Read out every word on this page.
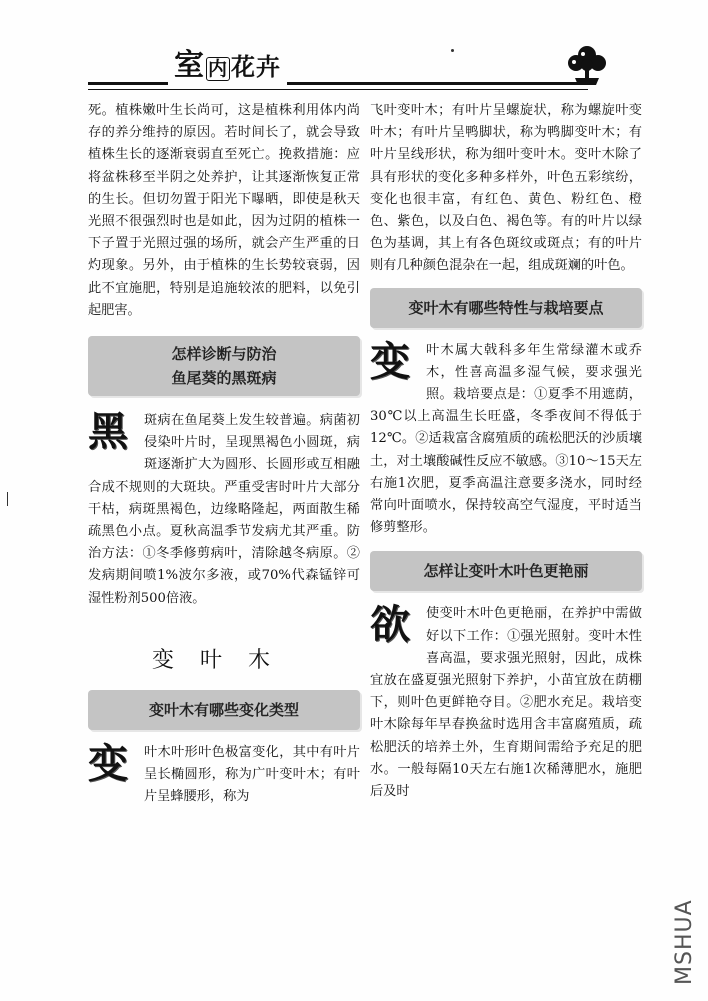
室内 花卉

死。植株嫩叶生长尚可，这是植株利用体内尚存的养分维持的原因。若时间长了，就会导致植株生长的逐渐衰弱直至死亡。挽救措施：应将盆株移至半阴之处养护，让其逐渐恢复正常的生长。但切勿置于阳光下曝晒，即使是秋天光照不很强烈时也是如此，因为过阴的植株一下子置于光照过强的场所，就会产生严重的日灼现象。另外，由于植株的生长势较衰弱，因此不宜施肥，特别是追施较浓的肥料，以免引起肥害。

怎样诊断与防治
鱼尾葵的黑斑病
黑	斑病在鱼尾葵上发生较普遍。病菌初侵染叶片时，呈现黑褐色小圆斑，病斑逐渐扩大为圆形、长圆形或互相融合成不规则的大斑块。严重受害时叶片大部分干枯，病斑黑褐色，边缘略隆起，两面散生稀疏黑色小点。夏秋高温季节发病尤其严重。防治方法：①冬季修剪病叶，清除越冬病原。②发病期间喷1%波尔多液，或70%代森锰锌可湿性粉剂500倍液。

变叶木
变叶木有哪些变化类型
变	叶木叶形叶色极富变化，其中有叶片呈长椭圆形，称为广叶变叶木；有叶片呈蜂腰形，称为

飞叶变叶木；有叶片呈螺旋状，称为螺旋叶变叶木；有叶片呈鸭脚状，称为鸭脚变叶木；有叶片呈线形状，称为细叶变叶木。变叶木除了具有形状的变化多种多样外，叶色五彩缤纷，变化也很丰富，有红色、黄色、粉红色、橙色、紫色，以及白色、褐色等。有的叶片以绿色为基调，其上有各色斑纹或斑点；有的叶片则有几种颜色混杂在一起，组成斑斓的叶色。

变叶木有哪些特性与栽培要点
变	叶木属大戟科多年生常绿灌木或乔木，性喜高温多湿气候，要求强光照。栽培要点是：①夏季不用遮荫，30℃以上高温生长旺盛，冬季夜间不得低于12℃。②适栽富含腐殖质的疏松肥沃的沙质壤土，对土壤酸碱性反应不敏感。③10～15天左右施1次肥，夏季高温注意要多浇水，同时经常向叶面喷水，保持较高空气湿度，平时适当修剪整形。

怎样让变叶木叶色更艳丽
欲	使变叶木叶色更艳丽，在养护中需做好以下工作：①强光照射。变叶木性喜高温，要求强光照射，因此，成株宜放在盛夏强光照射下养护，小苗宜放在荫棚下，则叶色更鲜艳夺目。②肥水充足。栽培变叶木除每年早春换盆时选用含丰富腐殖质，疏松肥沃的培养土外，生育期间需给予充足的肥水。一般每隔10天左右施1次稀薄肥水，施肥后及时

MSHUA
